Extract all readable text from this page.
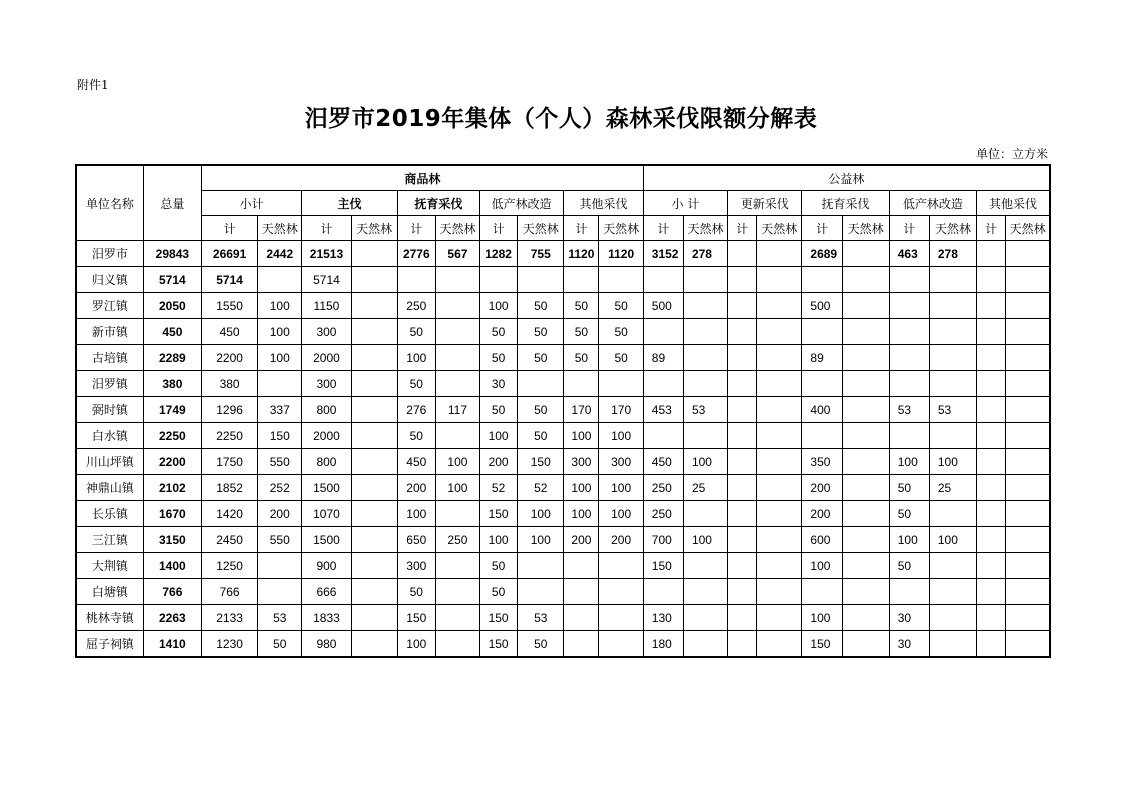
附件1
汨罗市2019年集体（个人）森林采伐限额分解表
单位：立方米
单位名称	总量	商品林										公益林									
		小计		主伐		抚育采伐		低产林改造		其他采伐		小 计		更新采伐		抚育采伐		低产林改造		其他采伐	
		计	天然林	计	天然林	计	天然林	计	天然林	计	天然林	计	天然林	计	天然林	计	天然林	计	天然林	计	天然林
汨罗市	29843	26691	2442	21513		2776	567	1282	755	1120	1120	3152	278			2689		463	278		
归义镇	5714	5714		5714																	
罗江镇	2050	1550	100	1150		250		100	50	50	50	500				500					
新市镇	450	450	100	300		50		50	50	50	50										
古培镇	2289	2200	100	2000		100		50	50	50	50	89				89					
汨罗镇	380	380		300		50		30													
弼时镇	1749	1296	337	800		276	117	50	50	170	170	453	53			400		53	53		
白水镇	2250	2250	150	2000		50		100	50	100	100										
川山坪镇	2200	1750	550	800		450	100	200	150	300	300	450	100			350		100	100		
神鼎山镇	2102	1852	252	1500		200	100	52	52	100	100	250	25			200		50	25		
长乐镇	1670	1420	200	1070		100		150	100	100	100	250				200		50			
三江镇	3150	2450	550	1500		650	250	100	100	200	200	700	100			600		100	100		
大荆镇	1400	1250		900		300		50				150				100		50			
白塘镇	766	766		666		50		50													
桃林寺镇	2263	2133	53	1833		150		150	53			130				100		30			
屈子祠镇	1410	1230	50	980		100		150	50			180				150		30			
